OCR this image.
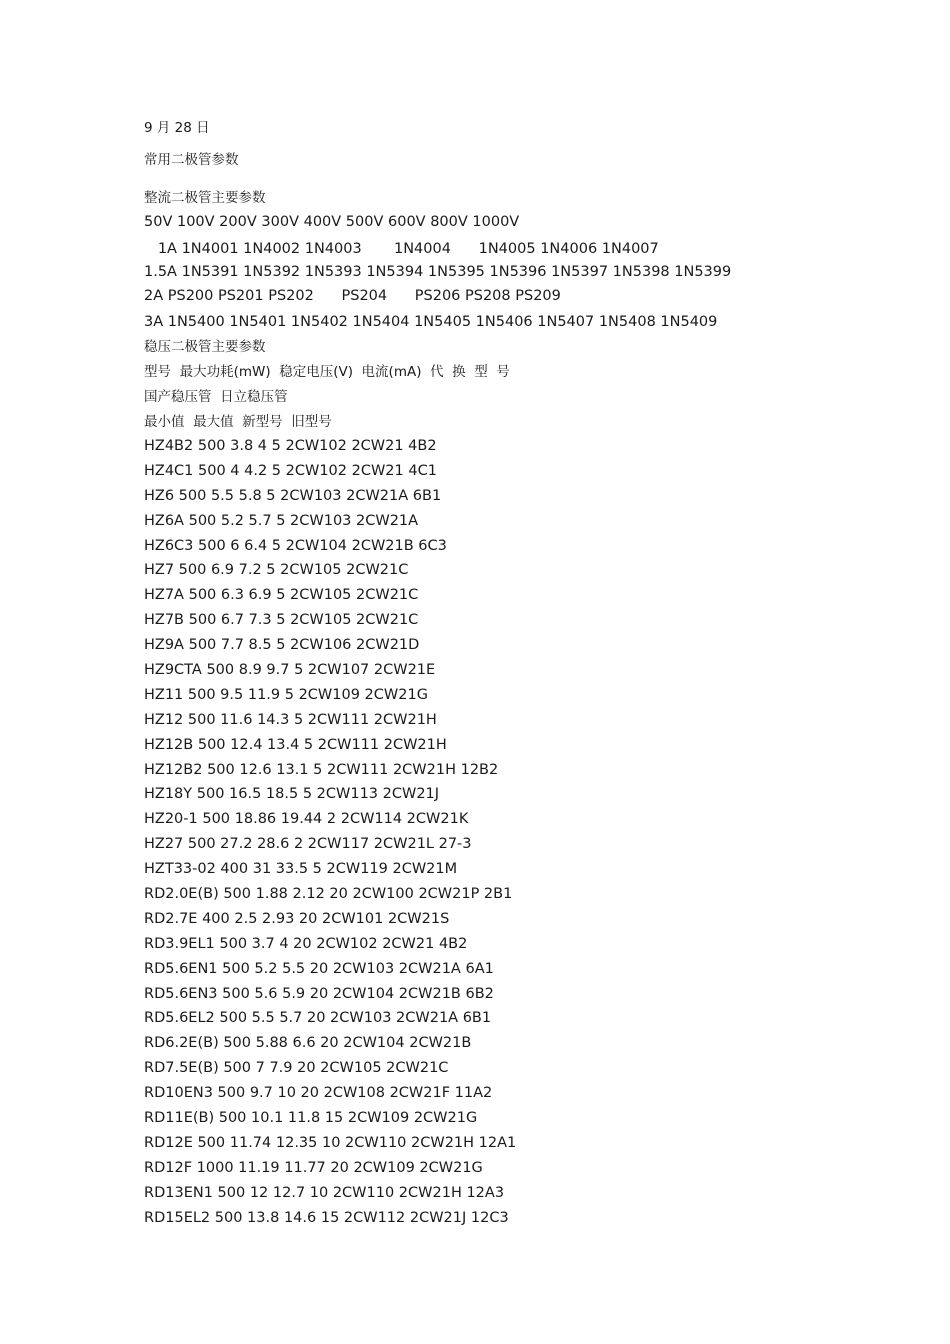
9 月 28 日
常用二极管参数
整流二极管主要参数
50V 100V 200V 300V 400V 500V 600V 800V 1000V
1A 1N4001 1N4002 1N4003       1N4004      1N4005 1N4006 1N4007
1.5A 1N5391 1N5392 1N5393 1N5394 1N5395 1N5396 1N5397 1N5398 1N5399
2A PS200 PS201 PS202      PS204      PS206 PS208 PS209
3A 1N5400 1N5401 1N5402 1N5404 1N5405 1N5406 1N5407 1N5408 1N5409
稳压二极管主要参数
型号  最大功耗(mW)  稳定电压(V)  电流(mA)  代  换  型  号
国产稳压管  日立稳压管
最小值  最大值  新型号  旧型号
HZ4B2 500 3.8 4 5 2CW102 2CW21 4B2
HZ4C1 500 4 4.2 5 2CW102 2CW21 4C1
HZ6 500 5.5 5.8 5 2CW103 2CW21A 6B1
HZ6A 500 5.2 5.7 5 2CW103 2CW21A
HZ6C3 500 6 6.4 5 2CW104 2CW21B 6C3
HZ7 500 6.9 7.2 5 2CW105 2CW21C
HZ7A 500 6.3 6.9 5 2CW105 2CW21C
HZ7B 500 6.7 7.3 5 2CW105 2CW21C
HZ9A 500 7.7 8.5 5 2CW106 2CW21D
HZ9CTA 500 8.9 9.7 5 2CW107 2CW21E
HZ11 500 9.5 11.9 5 2CW109 2CW21G
HZ12 500 11.6 14.3 5 2CW111 2CW21H
HZ12B 500 12.4 13.4 5 2CW111 2CW21H
HZ12B2 500 12.6 13.1 5 2CW111 2CW21H 12B2
HZ18Y 500 16.5 18.5 5 2CW113 2CW21J
HZ20-1 500 18.86 19.44 2 2CW114 2CW21K
HZ27 500 27.2 28.6 2 2CW117 2CW21L 27-3
HZT33-02 400 31 33.5 5 2CW119 2CW21M
RD2.0E(B) 500 1.88 2.12 20 2CW100 2CW21P 2B1
RD2.7E 400 2.5 2.93 20 2CW101 2CW21S
RD3.9EL1 500 3.7 4 20 2CW102 2CW21 4B2
RD5.6EN1 500 5.2 5.5 20 2CW103 2CW21A 6A1
RD5.6EN3 500 5.6 5.9 20 2CW104 2CW21B 6B2
RD5.6EL2 500 5.5 5.7 20 2CW103 2CW21A 6B1
RD6.2E(B) 500 5.88 6.6 20 2CW104 2CW21B
RD7.5E(B) 500 7 7.9 20 2CW105 2CW21C
RD10EN3 500 9.7 10 20 2CW108 2CW21F 11A2
RD11E(B) 500 10.1 11.8 15 2CW109 2CW21G
RD12E 500 11.74 12.35 10 2CW110 2CW21H 12A1
RD12F 1000 11.19 11.77 20 2CW109 2CW21G
RD13EN1 500 12 12.7 10 2CW110 2CW21H 12A3
RD15EL2 500 13.8 14.6 15 2CW112 2CW21J 12C3
